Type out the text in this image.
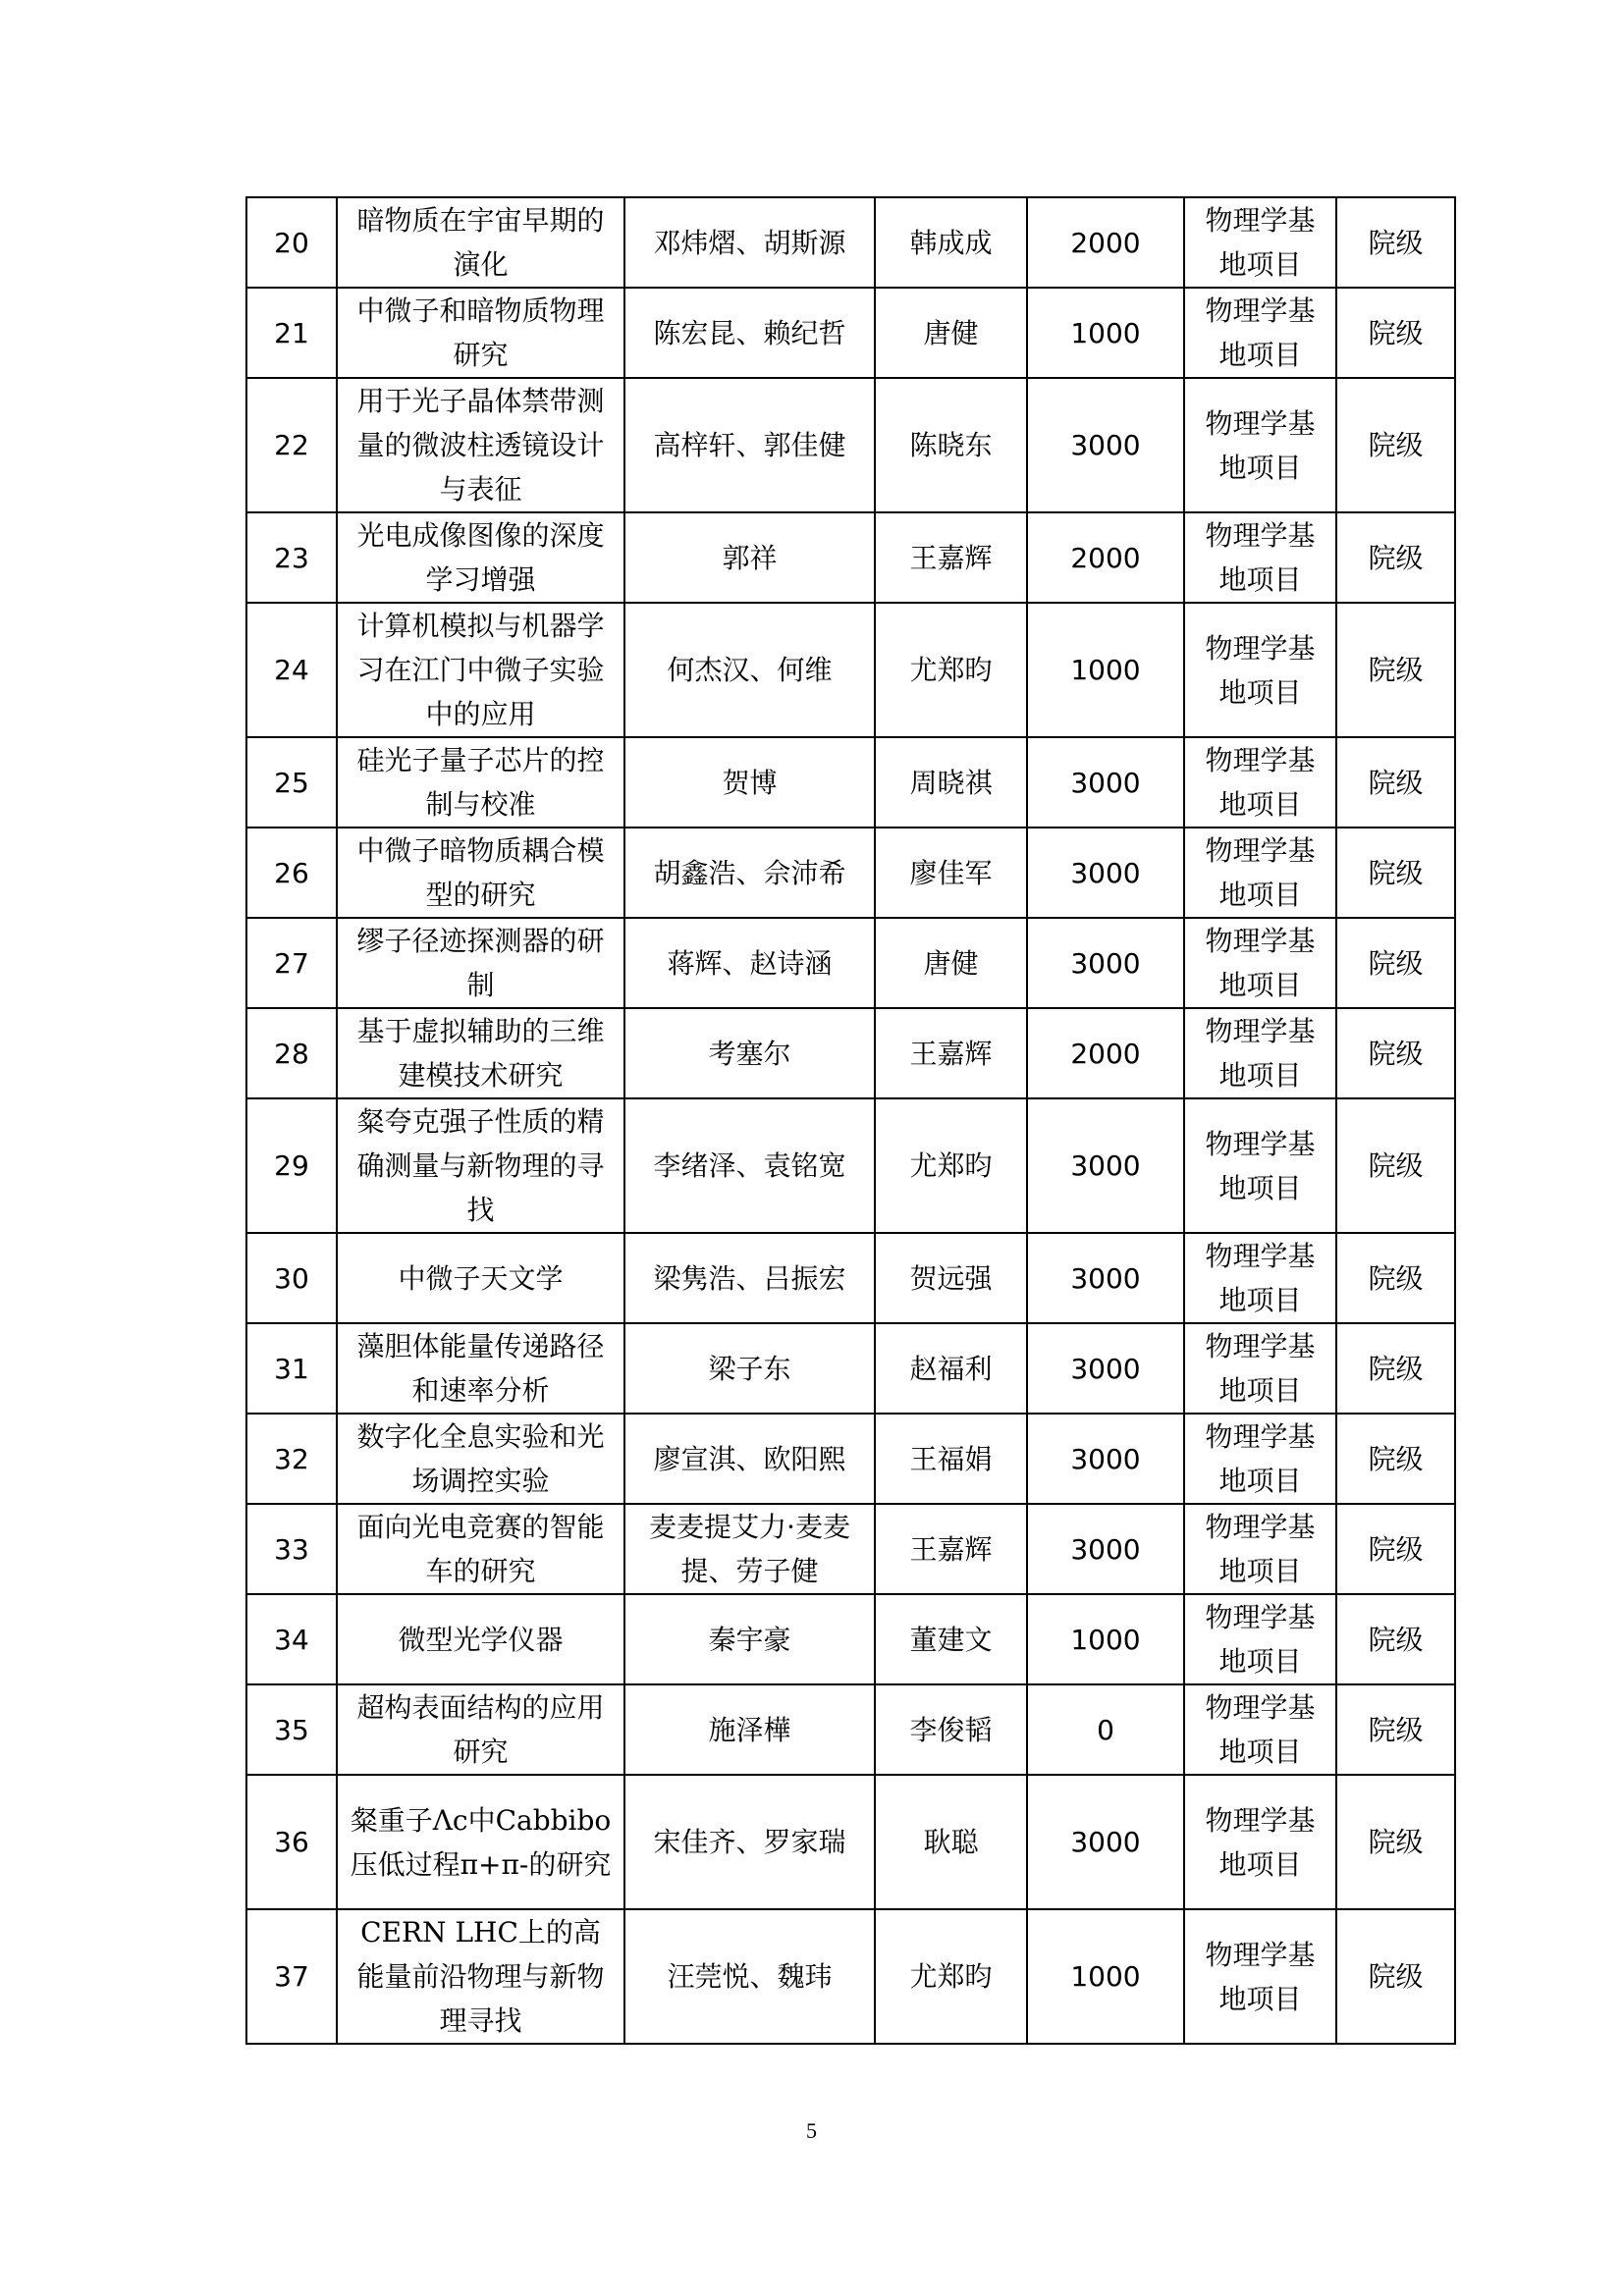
20	暗物质在宇宙早期的演化	邓炜熠、胡斯源	韩成成	2000	物理学基地项目	院级
21	中微子和暗物质物理研究	陈宏昆、赖纪哲	唐健	1000	物理学基地项目	院级
22	用于光子晶体禁带测量的微波柱透镜设计与表征	高梓轩、郭佳健	陈晓东	3000	物理学基地项目	院级
23	光电成像图像的深度学习增强	郭祥	王嘉辉	2000	物理学基地项目	院级
24	计算机模拟与机器学习在江门中微子实验中的应用	何杰汉、何维	尤郑昀	1000	物理学基地项目	院级
25	硅光子量子芯片的控制与校准	贺博	周晓祺	3000	物理学基地项目	院级
26	中微子暗物质耦合模型的研究	胡鑫浩、佘沛希	廖佳军	3000	物理学基地项目	院级
27	缪子径迹探测器的研制	蒋辉、赵诗涵	唐健	3000	物理学基地项目	院级
28	基于虚拟辅助的三维建模技术研究	考塞尔	王嘉辉	2000	物理学基地项目	院级
29	粲夸克强子性质的精确测量与新物理的寻找	李绪泽、袁铭宽	尤郑昀	3000	物理学基地项目	院级
30	中微子天文学	梁隽浩、吕振宏	贺远强	3000	物理学基地项目	院级
31	藻胆体能量传递路径和速率分析	梁子东	赵福利	3000	物理学基地项目	院级
32	数字化全息实验和光场调控实验	廖宣淇、欧阳熙	王福娟	3000	物理学基地项目	院级
33	面向光电竞赛的智能车的研究	麦麦提艾力·麦麦提、劳子健	王嘉辉	3000	物理学基地项目	院级
34	微型光学仪器	秦宇豪	董建文	1000	物理学基地项目	院级
35	超构表面结构的应用研究	施泽樺	李俊韬	0	物理学基地项目	院级
36	粲重子Λc中Cabbibo压低过程π+π-的研究	宋佳齐、罗家瑞	耿聪	3000	物理学基地项目	院级
37	CERN LHC上的高能量前沿物理与新物理寻找	汪莞悦、魏玮	尤郑昀	1000	物理学基地项目	院级
5
